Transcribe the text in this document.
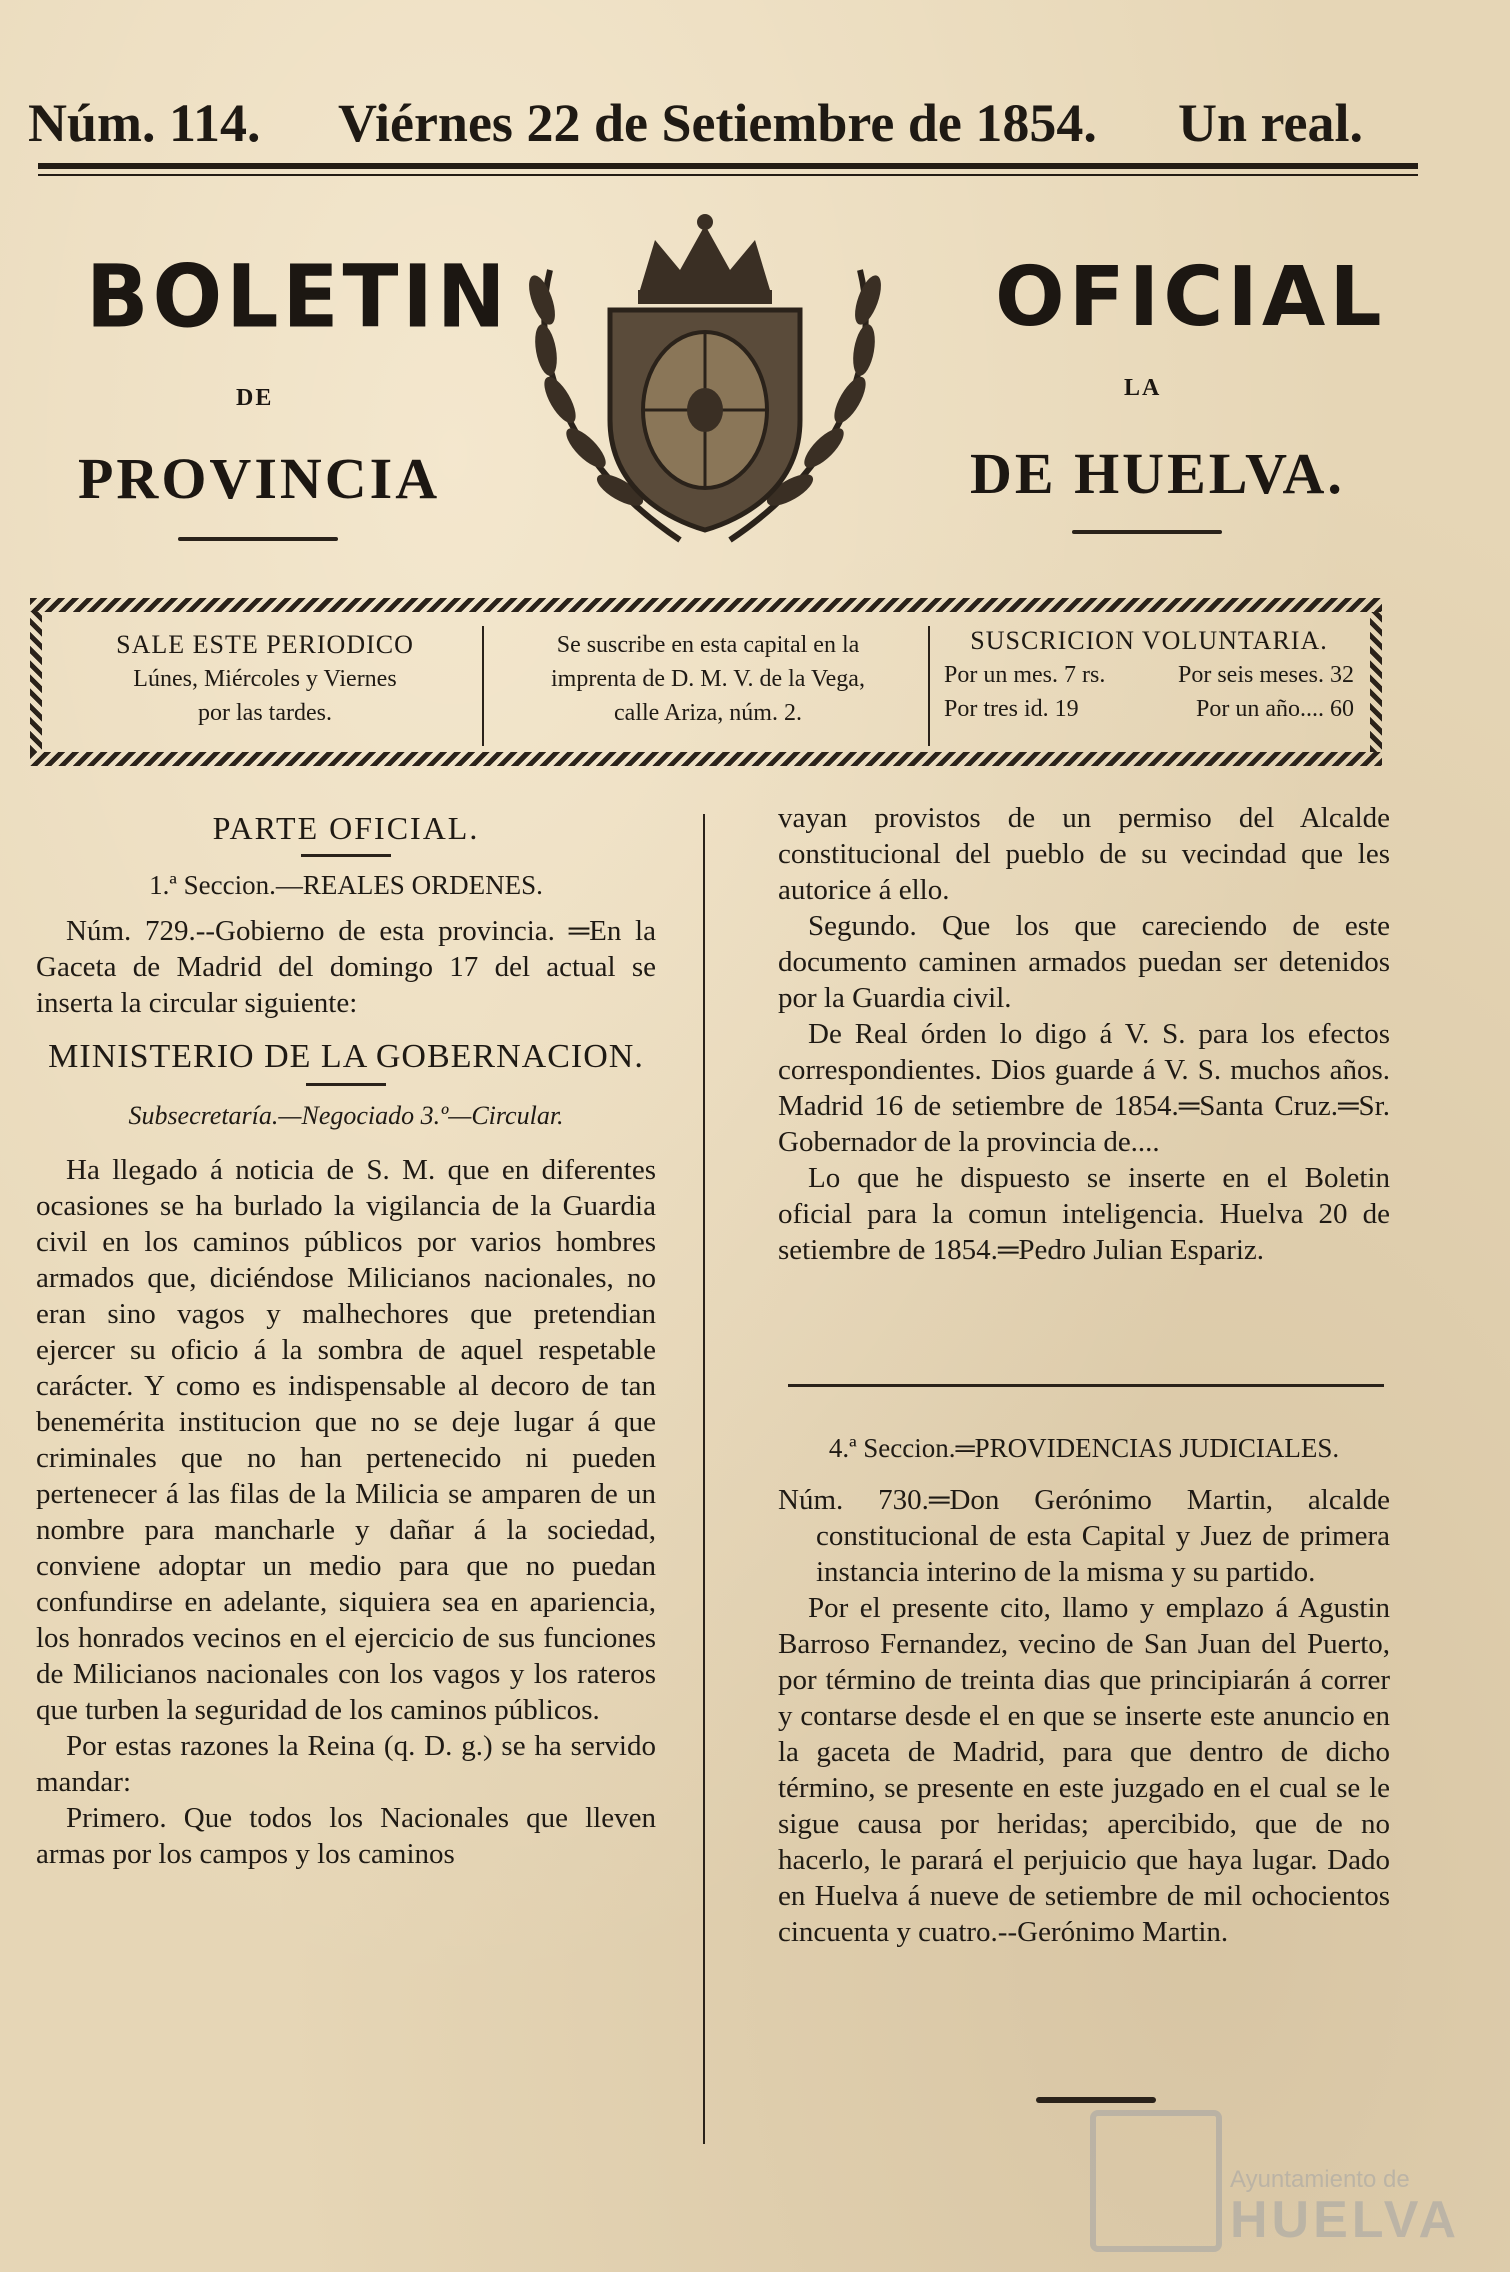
Núm. 114. Viérnes 22 de Setiembre de 1854. Un real.
BOLETIN
DE
PROVINCIA
OFICIAL
LA
DE HUELVA.
SALE ESTE PERIODICO
Lúnes, Miércoles y Viernes
por las tardes.
Se suscribe en esta capital en la
imprenta de D. M. V. de la Vega,
calle Ariza, núm. 2.
SUSCRICION VOLUNTARIA.
Por un mes. 7 rs.	Por seis meses. 32
Por tres id. 19	Por un año.... 60
PARTE OFICIAL.
1.ª Seccion.—REALES ORDENES.

Núm. 729.--Gobierno de esta provincia. ═En la Gaceta de Madrid del domingo 17 del actual se inserta la circular siguiente:

MINISTERIO DE LA GOBERNACION.
Subsecretaría.—Negociado 3.º—Circular.

Ha llegado á noticia de S. M. que en diferentes ocasiones se ha burlado la vigilancia de la Guardia civil en los caminos públicos por varios hombres armados que, diciéndose Milicianos nacionales, no eran sino vagos y malhechores que pretendian ejercer su oficio á la sombra de aquel respetable carácter. Y como es indispensable al decoro de tan benemérita institucion que no se deje lugar á que criminales que no han pertenecido ni pueden pertenecer á las filas de la Milicia se amparen de un nombre para mancharle y dañar á la sociedad, conviene adoptar un medio para que no puedan confundirse en adelante, siquiera sea en apariencia, los honrados vecinos en el ejercicio de sus funciones de Milicianos nacionales con los vagos y los rateros que turben la seguridad de los caminos públicos.

Por estas razones la Reina (q. D. g.) se ha servido mandar:

Primero. Que todos los Nacionales que lleven armas por los campos y los caminos

vayan provistos de un permiso del Alcalde constitucional del pueblo de su vecindad que les autorice á ello.

Segundo. Que los que careciendo de este documento caminen armados puedan ser detenidos por la Guardia civil.

De Real órden lo digo á V. S. para los efectos correspondientes. Dios guarde á V. S. muchos años. Madrid 16 de setiembre de 1854.═Santa Cruz.═Sr. Gobernador de la provincia de....

Lo que he dispuesto se inserte en el Boletin oficial para la comun inteligencia. Huelva 20 de setiembre de 1854.═Pedro Julian Espariz.

4.ª Seccion.═PROVIDENCIAS JUDICIALES.

Núm. 730.═Don Gerónimo Martin, alcalde constitucional de esta Capital y Juez de primera instancia interino de la misma y su partido.

Por el presente cito, llamo y emplazo á Agustin Barroso Fernandez, vecino de San Juan del Puerto, por término de treinta dias que principiarán á correr y contarse desde el en que se inserte este anuncio en la gaceta de Madrid, para que dentro de dicho término, se presente en este juzgado en el cual se le sigue causa por heridas; apercibido, que de no hacerlo, le parará el perjuicio que haya lugar. Dado en Huelva á nueve de setiembre de mil ochocientos cincuenta y cuatro.--Gerónimo Martin.

Ayuntamiento de
HUELVA
